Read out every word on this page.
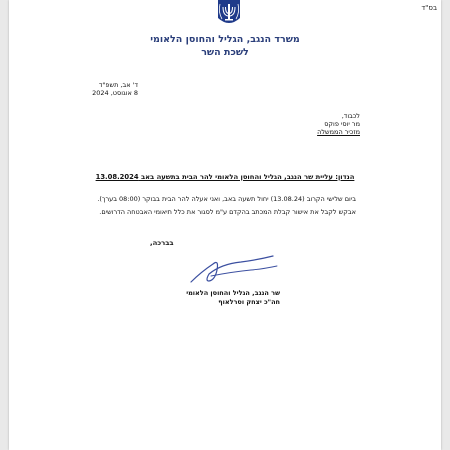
בס"ד
משרד הנגב, הגליל והחוסן הלאומי
לשכת השר
ד' אב, תשפ"ד
8 אוגוסט, 2024
לכבוד,
מר יוסי פוקס
מזכיר הממשלה
הנדון: עליית שר הנגב, הגליל והחוסן הלאומי להר הבית בתשעה באב 13.08.2024
ביום שלישי הקרוב (13.08.24) יחול תשעה באב, ואני אעלה להר הבית בבוקר (08:00 בערך).
אבקש לקבל את אישור קבלת המכתב בהקדם ע"מ לסגור את כלל תיאומי האבטחה הדרושים.
בברכה,
שר הנגב, הגליל והחוסן הלאומי
חה"כ יצחק וסרלאוף
